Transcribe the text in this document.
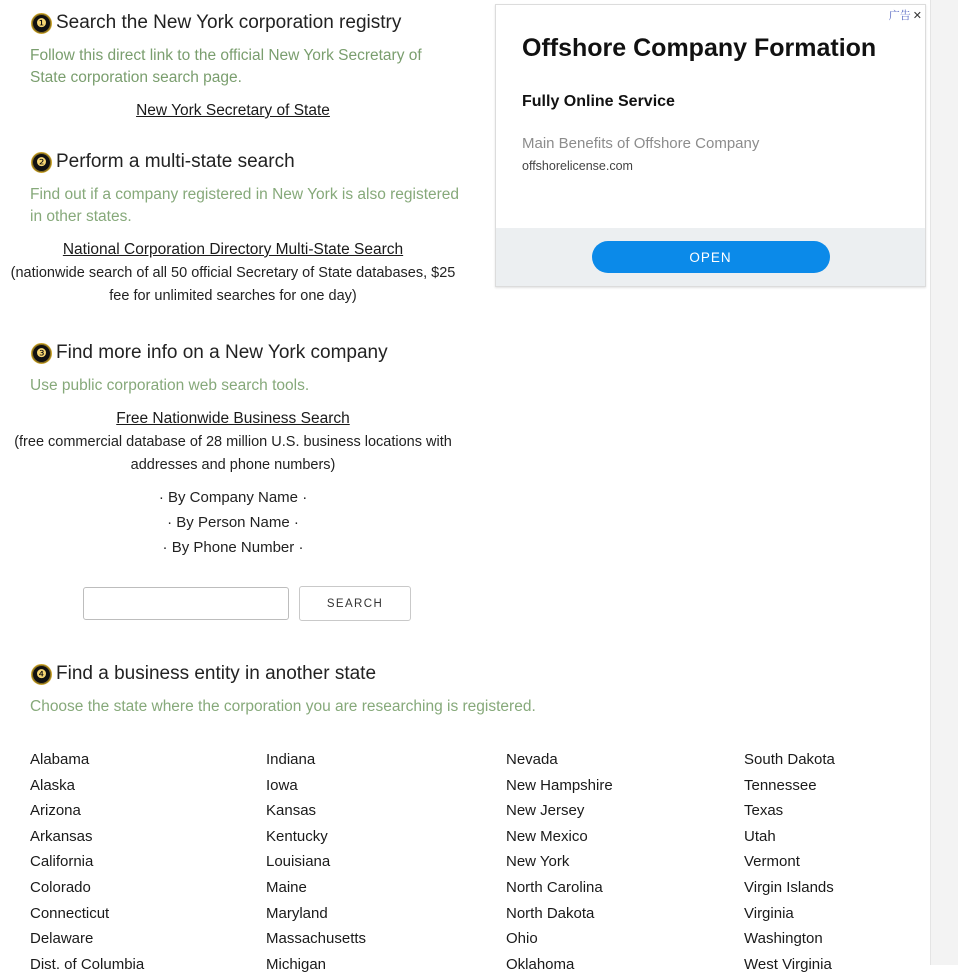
❶ Search the New York corporation registry
Follow this direct link to the official New York Secretary of State corporation search page.
New York Secretary of State
❷ Perform a multi-state search
Find out if a company registered in New York is also registered in other states.
National Corporation Directory Multi-State Search
(nationwide search of all 50 official Secretary of State databases, $25 fee for unlimited searches for one day)
❸ Find more info on a New York company
Use public corporation web search tools.
Free Nationwide Business Search
(free commercial database of 28 million U.S. business locations with addresses and phone numbers)
· By Company Name ·
· By Person Name ·
· By Phone Number ·
SEARCH
❹ Find a business entity in another state
Choose the state where the corporation you are researching is registered.
Alabama	Indiana	Nevada	South Dakota
Alaska	Iowa	New Hampshire	Tennessee
Arizona	Kansas	New Jersey	Texas
Arkansas	Kentucky	New Mexico	Utah
California	Louisiana	New York	Vermont
Colorado	Maine	North Carolina	Virgin Islands
Connecticut	Maryland	North Dakota	Virginia
Delaware	Massachusetts	Ohio	Washington
Dist. of Columbia	Michigan	Oklahoma	West Virginia
广告 ✕
Offshore Company Formation
Fully Online Service
Main Benefits of Offshore Company
offshorelicense.com
OPEN
